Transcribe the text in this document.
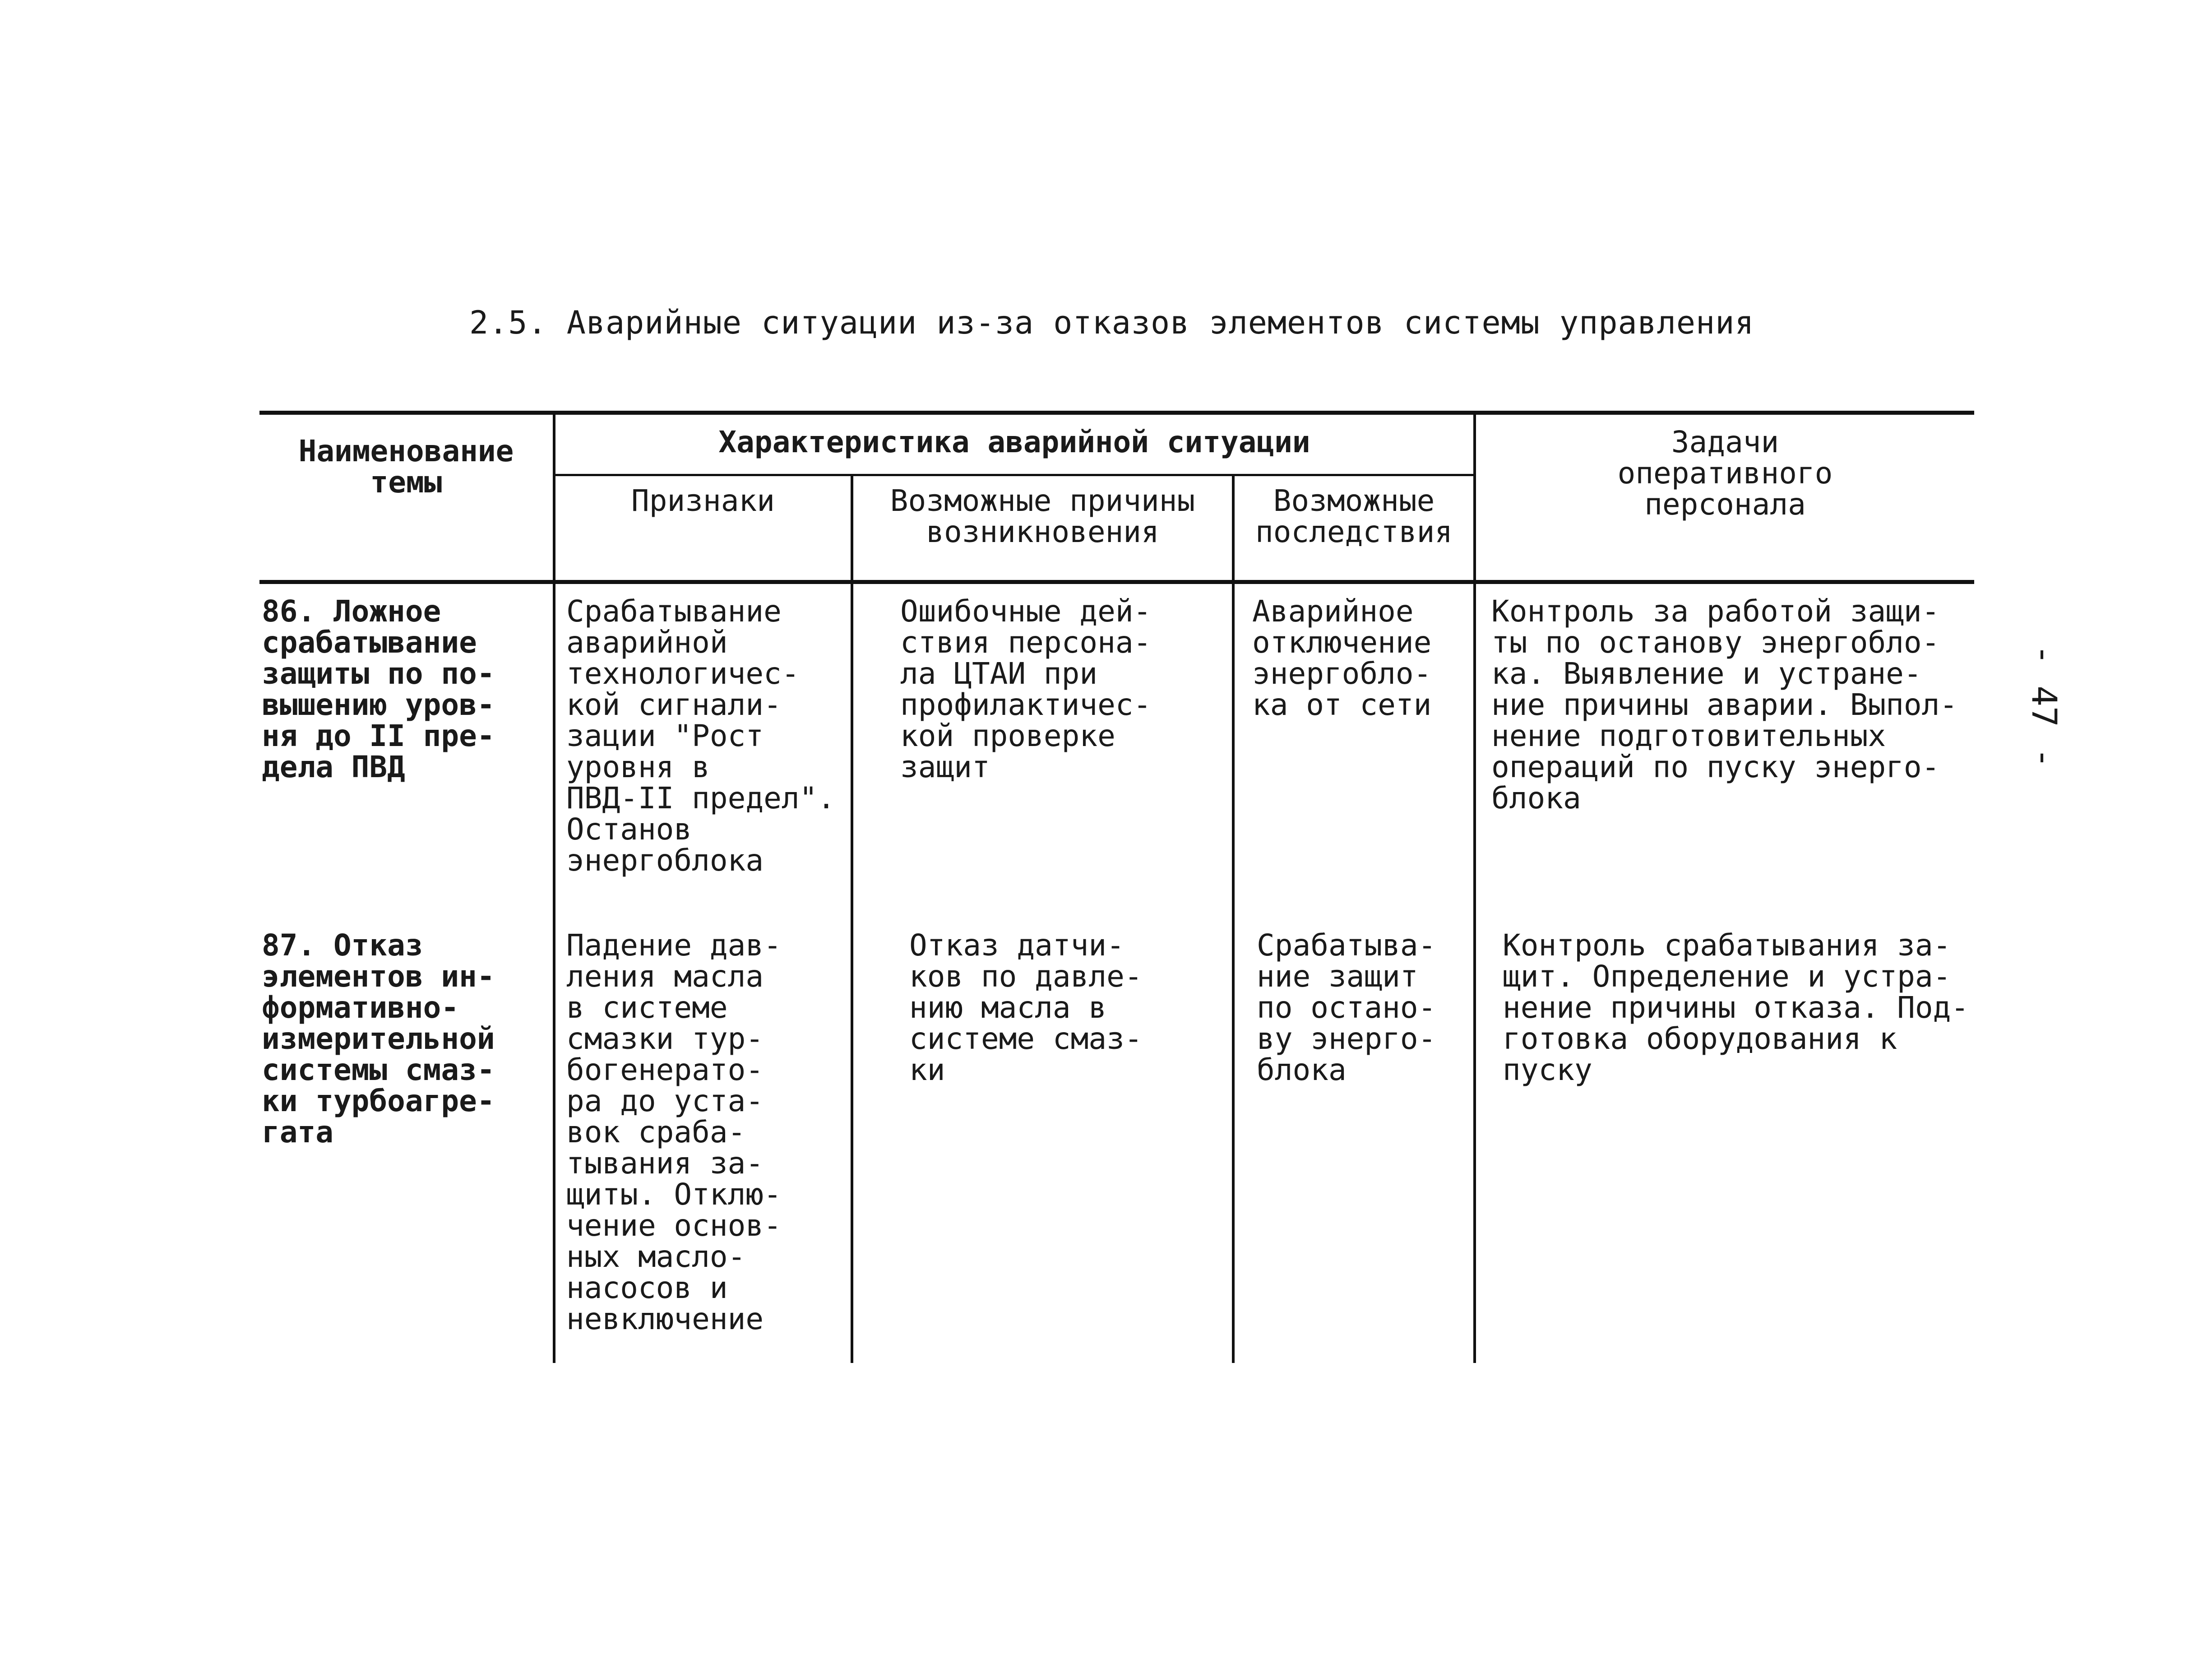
2.5. Аварийные ситуации из-за отказов элементов системы управления
- 47 -
Наименование
темы
Характеристика аварийной ситуации
Признаки	Возможные причины
возникновения
Возможные
последствия
Задачи
оперативного
персонала
86. Ложное
срабатывание
защиты по по-
вышению уров-
ня до II пре-
дела ПВД
Срабатывание
аварийной
технологичес-
кой сигнали-
зации "Рост
уровня в
ПВД-II предел".
Останов
энергоблока
Ошибочные дей-
ствия персона-
ла ЦТАИ при
профилактичес-
кой проверке
защит
Аварийное
отключение
энергобло-
ка от сети
Контроль за работой защи-
ты по останову энергобло-
ка. Выявление и устране-
ние причины аварии. Выпол-
нение подготовительных
операций по пуску энерго-
блока
87. Отказ
элементов ин-
формативно-
измерительной
системы смаз-
ки турбоагре-
гата
Падение дав-
ления масла
в системе
смазки тур-
богенерато-
ра до уста-
вок сраба-
тывания за-
щиты. Отклю-
чение основ-
ных масло-
насосов и
невключение
Отказ датчи-
ков по давле-
нию масла в
системе смаз-
ки
Срабатыва-
ние защит
по остано-
ву энерго-
блока
Контроль срабатывания за-
щит. Определение и устра-
нение причины отказа. Под-
готовка оборудования к
пуску
